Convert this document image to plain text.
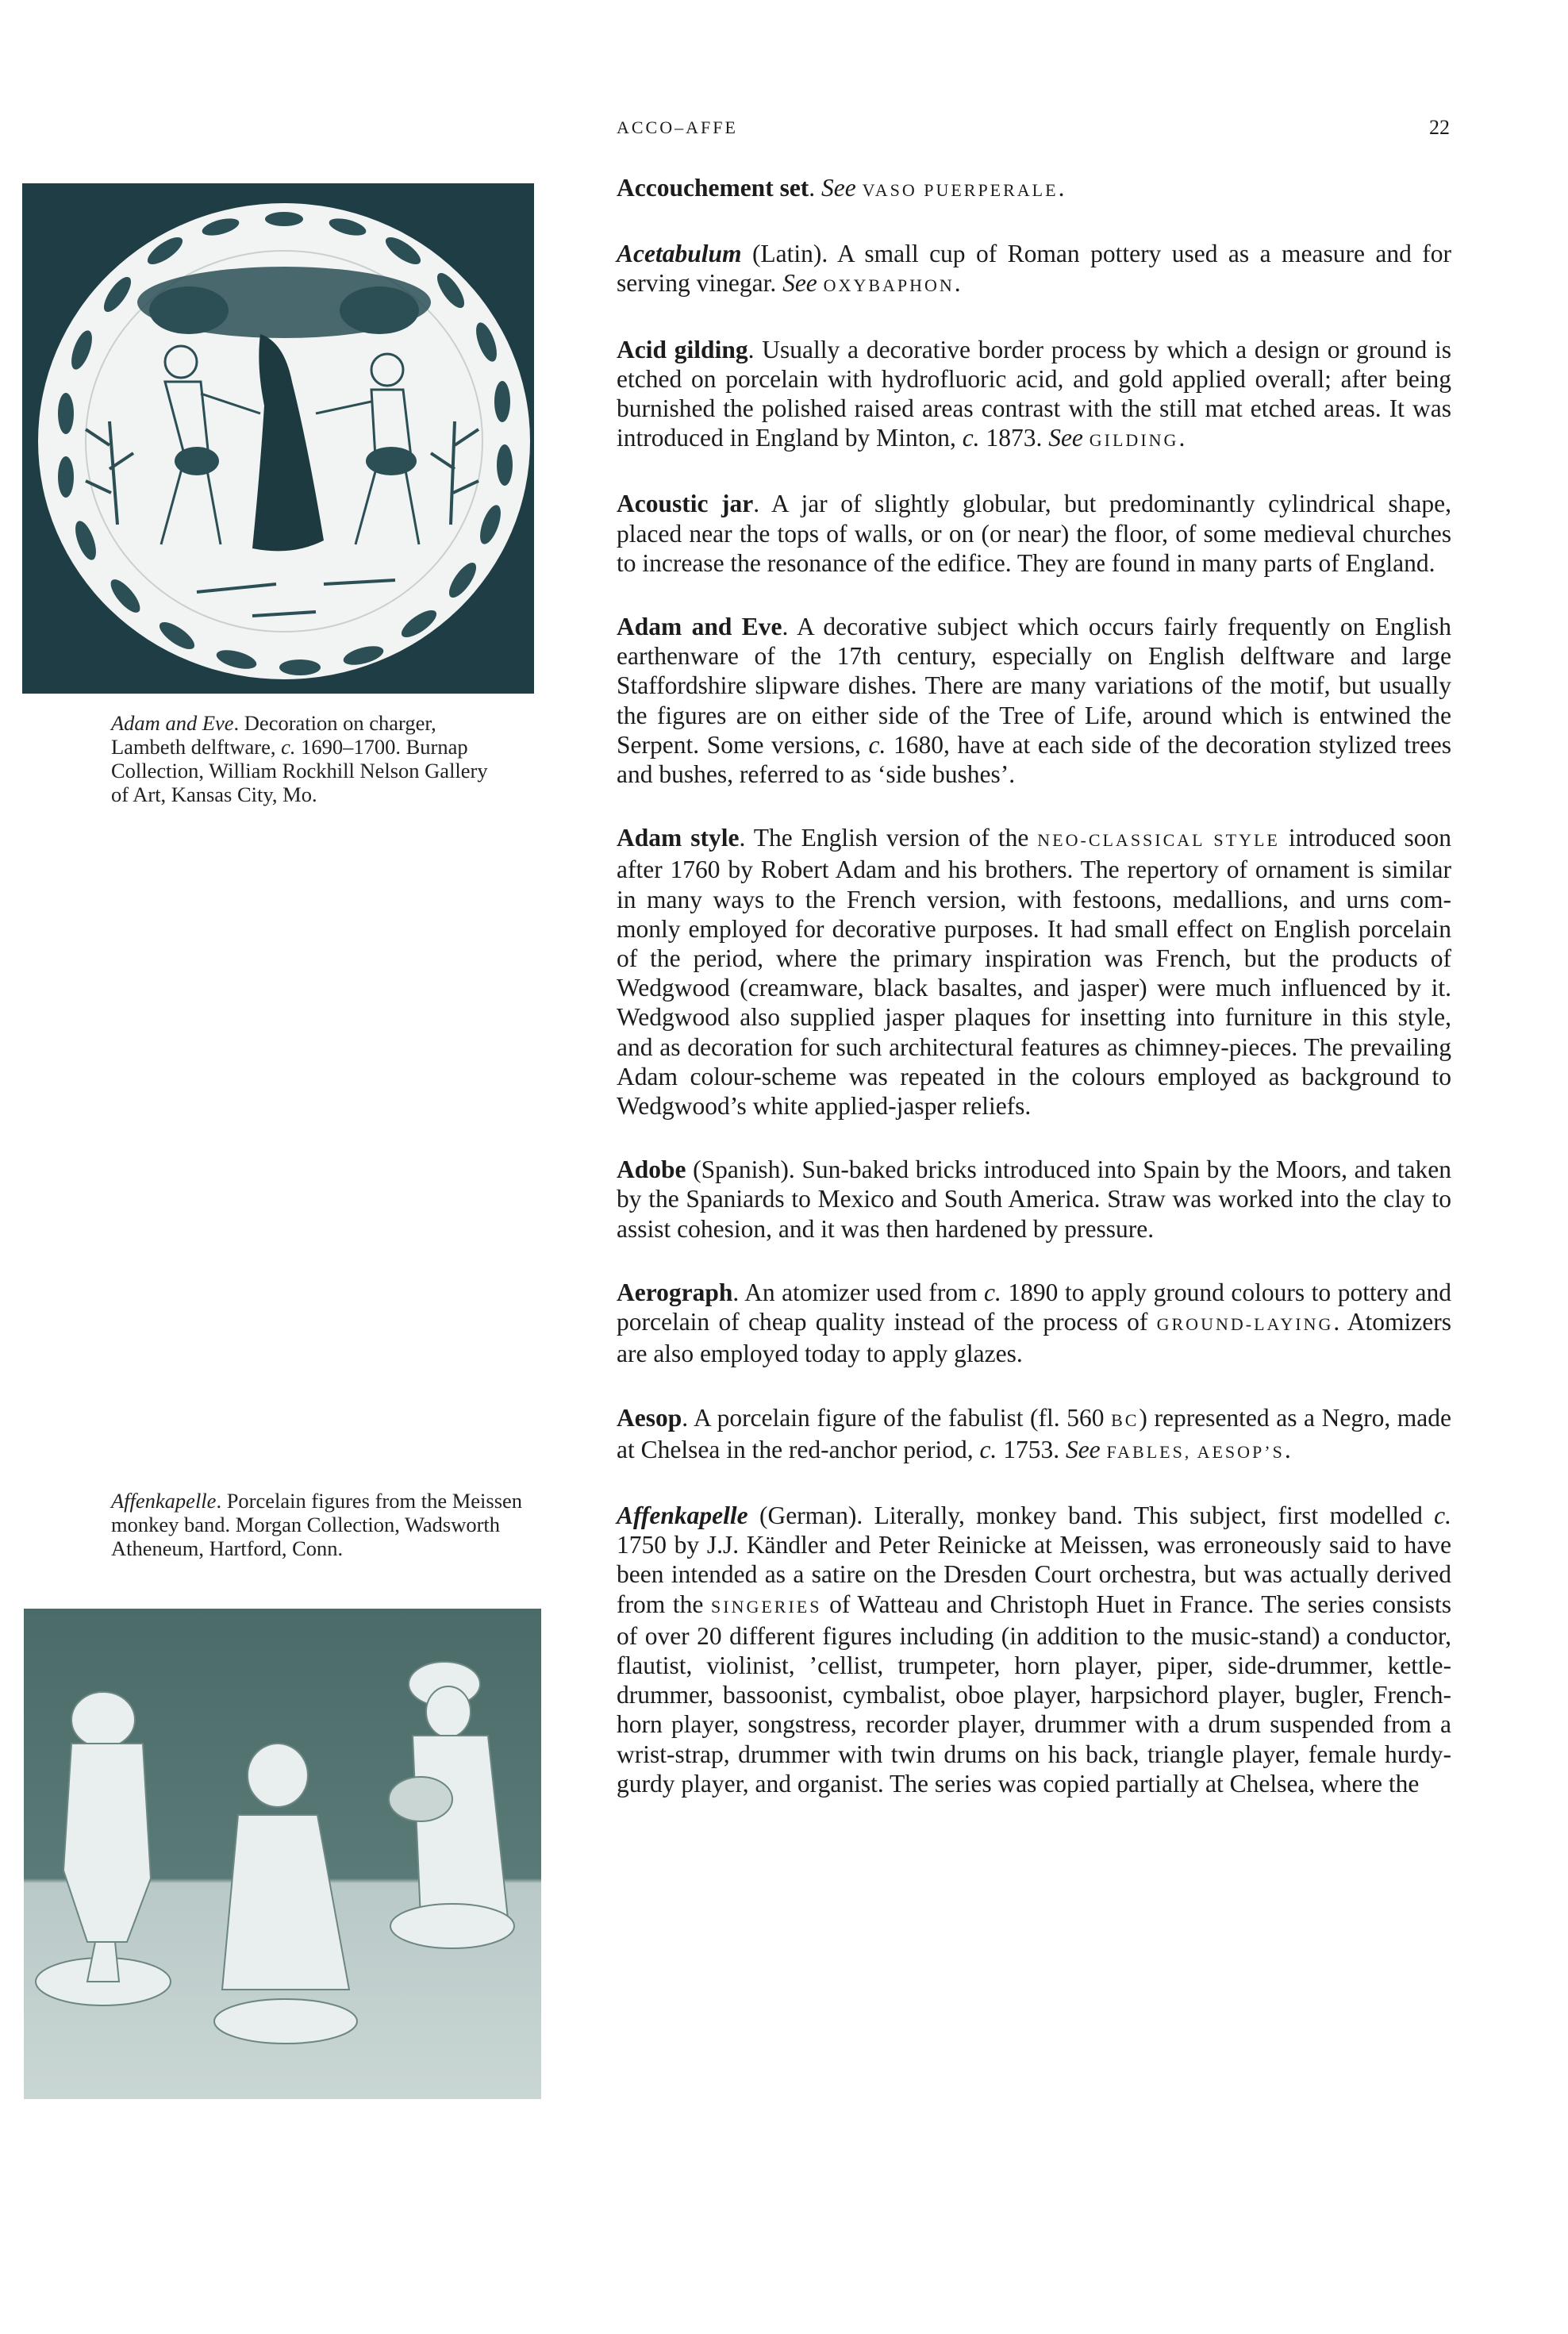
ACCO–AFFE	22
Adam and Eve. Decoration on charger, Lambeth delftware, c. 1690–1700. Burnap Collection, William Rockhill Nelson Gallery of Art, Kansas City, Mo.
Affenkapelle. Porcelain figures from the Meissen monkey band. Morgan Collection, Wadsworth Atheneum, Hartford, Conn.

Accouchement set. See VASO PUERPERALE.

Acetabulum (Latin). A small cup of Roman pottery used as a measure and for serving vinegar. See OXYBAPHON.

Acid gilding. Usually a decorative border process by which a design or ground is etched on porcelain with hydrofluoric acid, and gold applied overall; after being burnished the polished raised areas contrast with the still mat etched areas. It was introduced in England by Minton, c. 1873. See GILDING.

Acoustic jar. A jar of slightly globular, but predominantly cylindrical shape, placed near the tops of walls, or on (or near) the floor, of some medieval churches to increase the resonance of the edifice. They are found in many parts of England.

Adam and Eve. A decorative subject which occurs fairly frequently on English earthenware of the 17th century, especially on English delftware and large Staffordshire slipware dishes. There are many variations of the motif, but usually the figures are on either side of the Tree of Life, around which is entwined the Serpent. Some versions, c. 1680, have at each side of the decoration stylized trees and bushes, referred to as ‘side bushes’.

Adam style. The English version of the NEO-CLASSICAL STYLE introduced soon after 1760 by Robert Adam and his brothers. The repertory of ornament is similar in many ways to the French version, with festoons, medallions, and urns commonly employed for decorative purposes. It had small effect on English porcelain of the period, where the primary inspiration was French, but the products of Wedgwood (creamware, black basaltes, and jasper) were much influenced by it. Wedgwood also supplied jasper plaques for insetting into furniture in this style, and as decoration for such architectural features as chimney-pieces. The prevailing Adam colour-scheme was repeated in the colours employed as background to Wedgwood’s white applied-jasper reliefs.

Adobe (Spanish). Sun-baked bricks introduced into Spain by the Moors, and taken by the Spaniards to Mexico and South America. Straw was worked into the clay to assist cohesion, and it was then hardened by pressure.

Aerograph. An atomizer used from c. 1890 to apply ground colours to pottery and porcelain of cheap quality instead of the process of GROUND-LAYING. Atomizers are also employed today to apply glazes.

Aesop. A porcelain figure of the fabulist (fl. 560 BC) represented as a Negro, made at Chelsea in the red-anchor period, c. 1753. See FABLES, AESOP’S.

Affenkapelle (German). Literally, monkey band. This subject, first modelled c. 1750 by J.J. Kändler and Peter Reinicke at Meissen, was erroneously said to have been intended as a satire on the Dresden Court orchestra, but was actually derived from the SINGERIES of Watteau and Christoph Huet in France. The series consists of over 20 different figures including (in addition to the music-stand) a conductor, flautist, violinist, ’cellist, trumpeter, horn player, piper, side-drummer, kettle-drummer, bassoonist, cymbalist, oboe player, harpsichord player, bugler, French-horn player, songstress, recorder player, drummer with a drum suspended from a wrist-strap, drummer with twin drums on his back, triangle player, female hurdy-gurdy player, and organist. The series was copied partially at Chelsea, where the
